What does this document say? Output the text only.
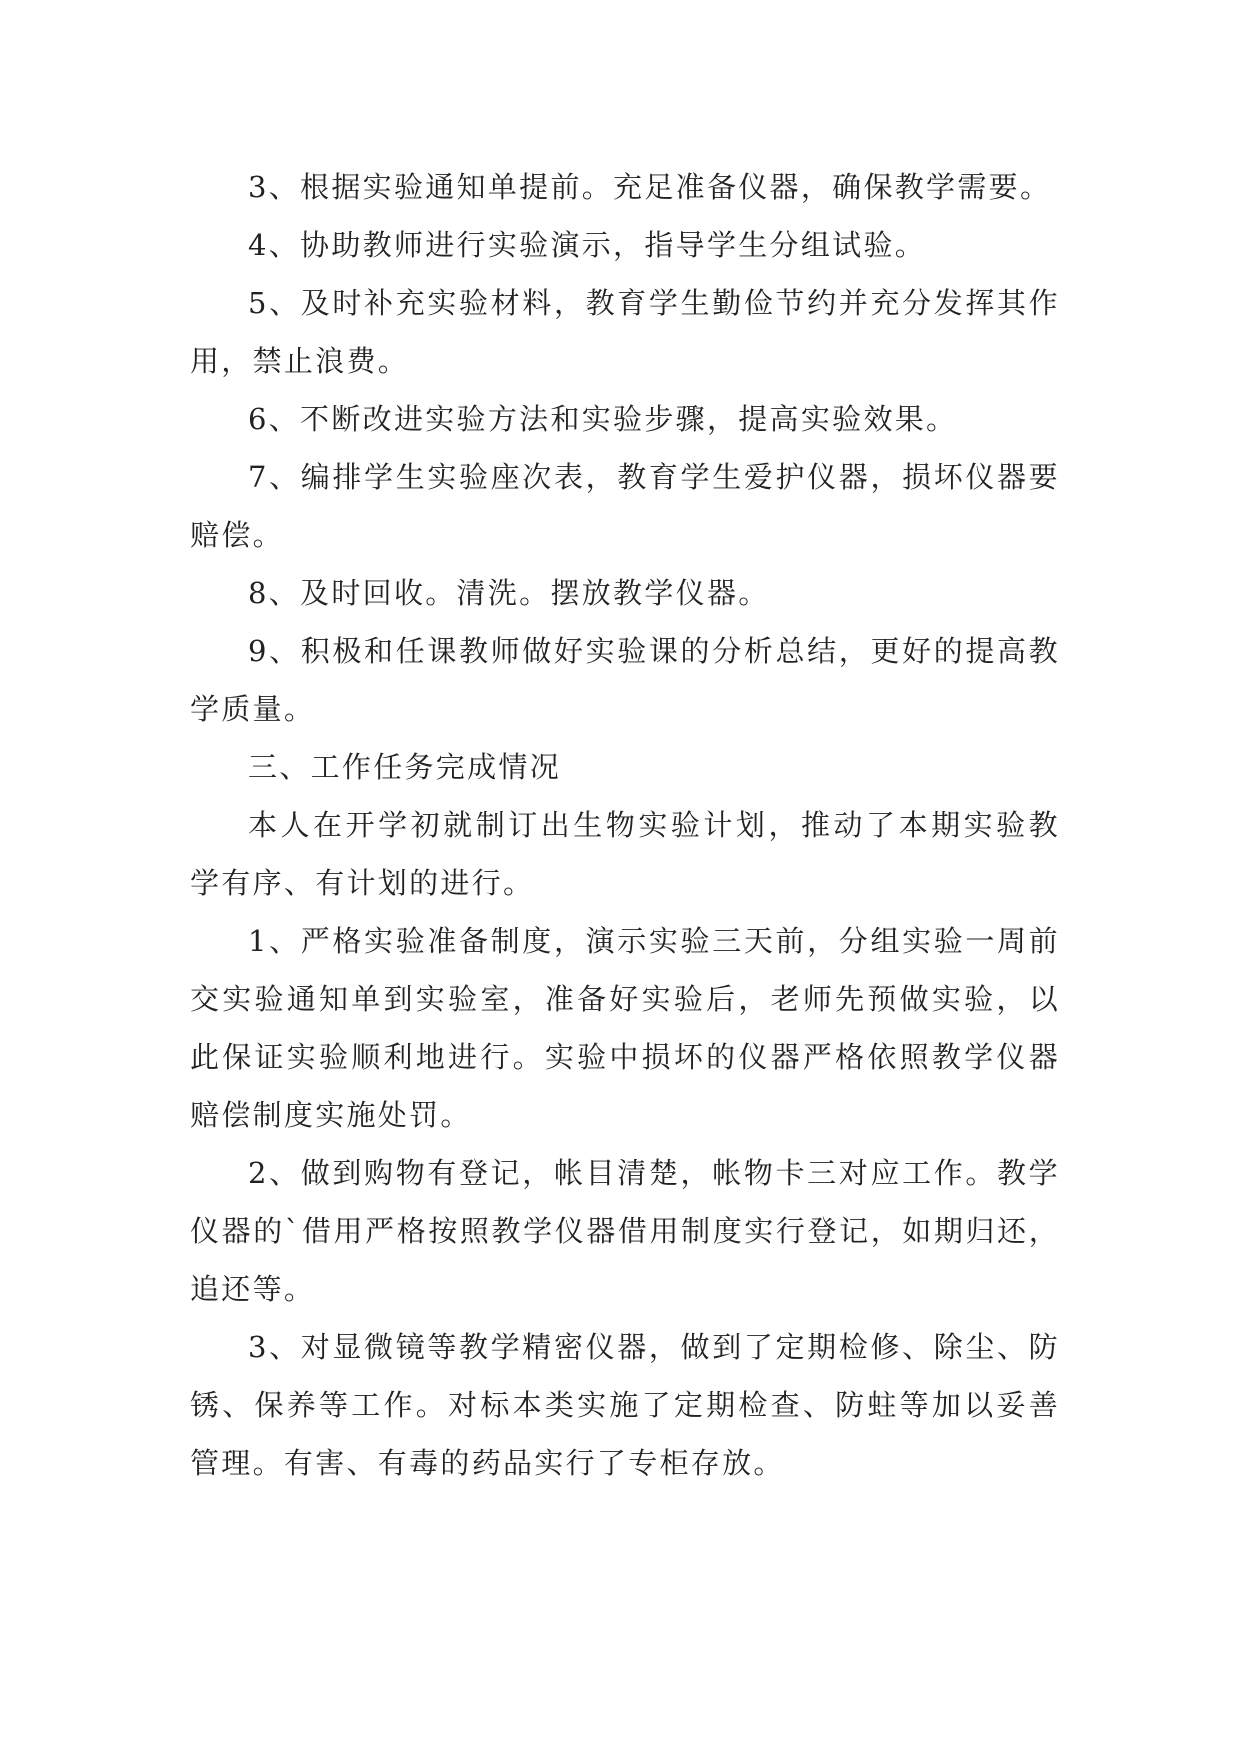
3、根据实验通知单提前。充足准备仪器，确保教学需要。

4、协助教师进行实验演示，指导学生分组试验。

5、及时补充实验材料，教育学生勤俭节约并充分发挥其作用，禁止浪费。

6、不断改进实验方法和实验步骤，提高实验效果。

7、编排学生实验座次表，教育学生爱护仪器，损坏仪器要赔偿。

8、及时回收。清洗。摆放教学仪器。

9、积极和任课教师做好实验课的分析总结，更好的提高教学质量。

三、工作任务完成情况

本人在开学初就制订出生物实验计划，推动了本期实验教学有序、有计划的进行。

1、严格实验准备制度，演示实验三天前，分组实验一周前交实验通知单到实验室，准备好实验后，老师先预做实验，以此保证实验顺利地进行。实验中损坏的仪器严格依照教学仪器赔偿制度实施处罚。

2、做到购物有登记，帐目清楚，帐物卡三对应工作。教学仪器的`借用严格按照教学仪器借用制度实行登记，如期归还，追还等。

3、对显微镜等教学精密仪器，做到了定期检修、除尘、防锈、保养等工作。对标本类实施了定期检查、防蛀等加以妥善管理。有害、有毒的药品实行了专柜存放。
